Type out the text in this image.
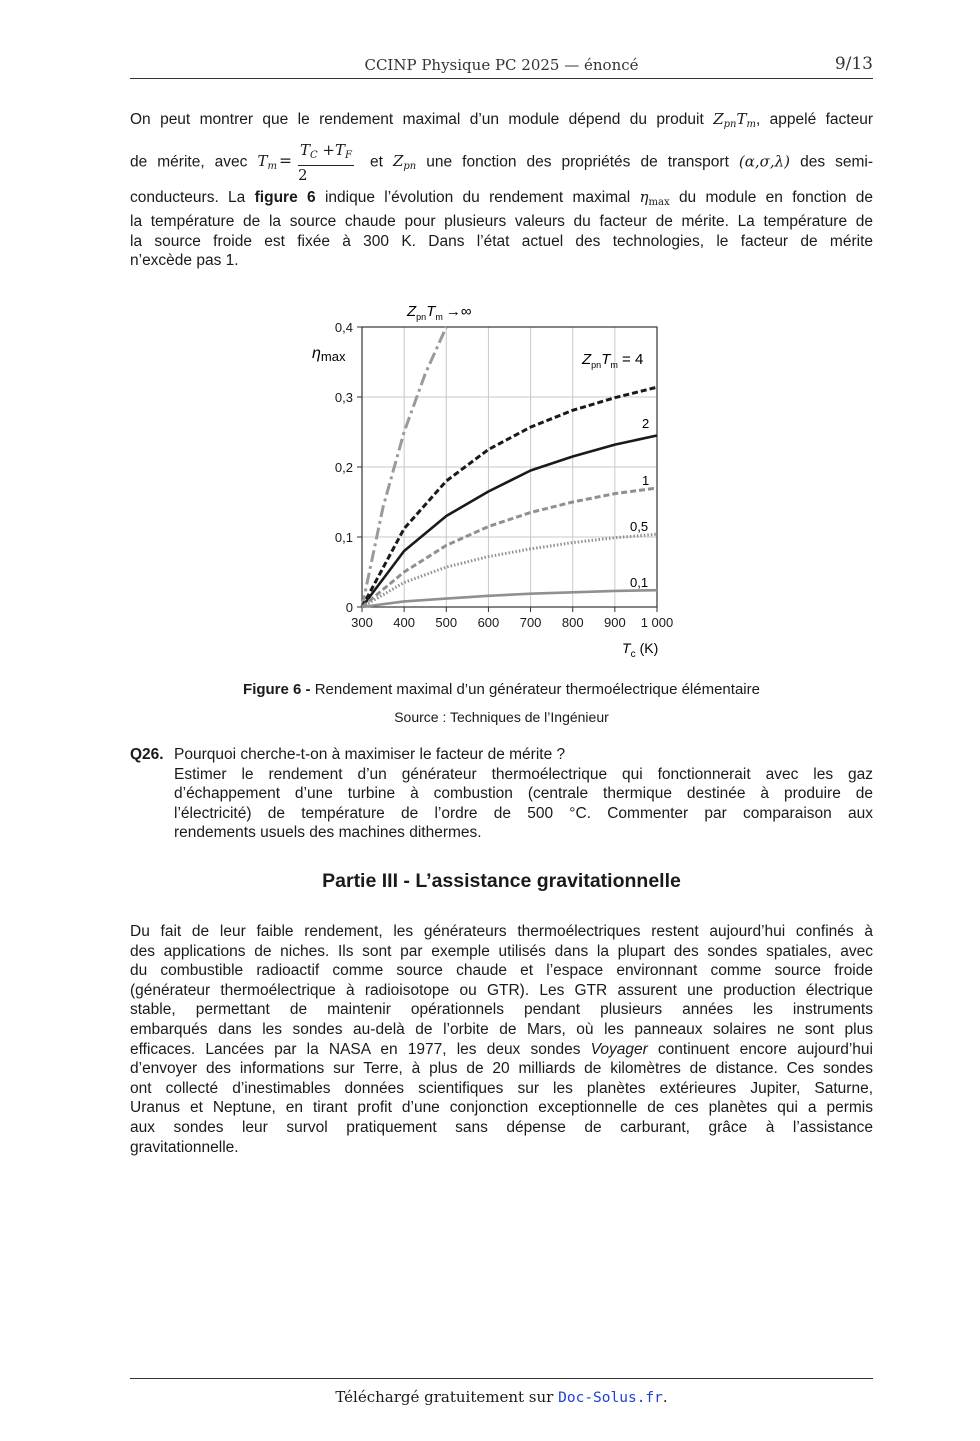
CCINP Physique PC 2025 — énoncé	9/13
On peut montrer que le rendement maximal d’un module dépend du produit $Z_{pn}T_m$, appelé facteur
de mérite, avec $T_m = \frac{T_C +T_F}{2}$ et $Z_{pn}$ une fonction des propriétés de transport (α,σ,λ) des semi-
conducteurs. La figure 6 indique l’évolution du rendement maximal $\eta_{max}$ du module en fonction de
la température de la source chaude pour plusieurs valeurs du facteur de mérite. La température de
la source froide est fixée à 300 K. Dans l’état actuel des technologies, le facteur de mérite
n’excède pas 1.
300 400 500 600 700 800 900 1 000
0
0,1
0,2
0,3
0,4
ηmax
$T_c$ (K)
$Z_{pn}T_m$ →∞
$Z_{pn}T_m = 4$
2
1
0,5
0,1
Figure 6 - Rendement maximal d’un générateur thermoélectrique élémentaire
Source : Techniques de l’Ingénieur
Q26. Pourquoi cherche-t-on à maximiser le facteur de mérite ?
Estimer le rendement d’un générateur thermoélectrique qui fonctionnerait avec les gaz
d’échappement d’une turbine à combustion (centrale thermique destinée à produire de
l’électricité) de température de l’ordre de 500 °C. Commenter par comparaison aux
rendements usuels des machines dithermes.
Partie III - L’assistance gravitationnelle
Du fait de leur faible rendement, les générateurs thermoélectriques restent aujourd’hui confinés à
des applications de niches. Ils sont par exemple utilisés dans la plupart des sondes spatiales, avec
du combustible radioactif comme source chaude et l’espace environnant comme source froide
(générateur thermoélectrique à radioisotope ou GTR). Les GTR assurent une production électrique
stable, permettant de maintenir opérationnels pendant plusieurs années les instruments
embarqués dans les sondes au-delà de l’orbite de Mars, où les panneaux solaires ne sont plus
efficaces. Lancées par la NASA en 1977, les deux sondes Voyager continuent encore aujourd’hui
d’envoyer des informations sur Terre, à plus de 20 milliards de kilomètres de distance. Ces sondes
ont collecté d’inestimables données scientifiques sur les planètes extérieures Jupiter, Saturne,
Uranus et Neptune, en tirant profit d’une conjonction exceptionnelle de ces planètes qui a permis
aux sondes leur survol pratiquement sans dépense de carburant, grâce à l’assistance
gravitationnelle.
Téléchargé gratuitement sur Doc-Solus.fr.
